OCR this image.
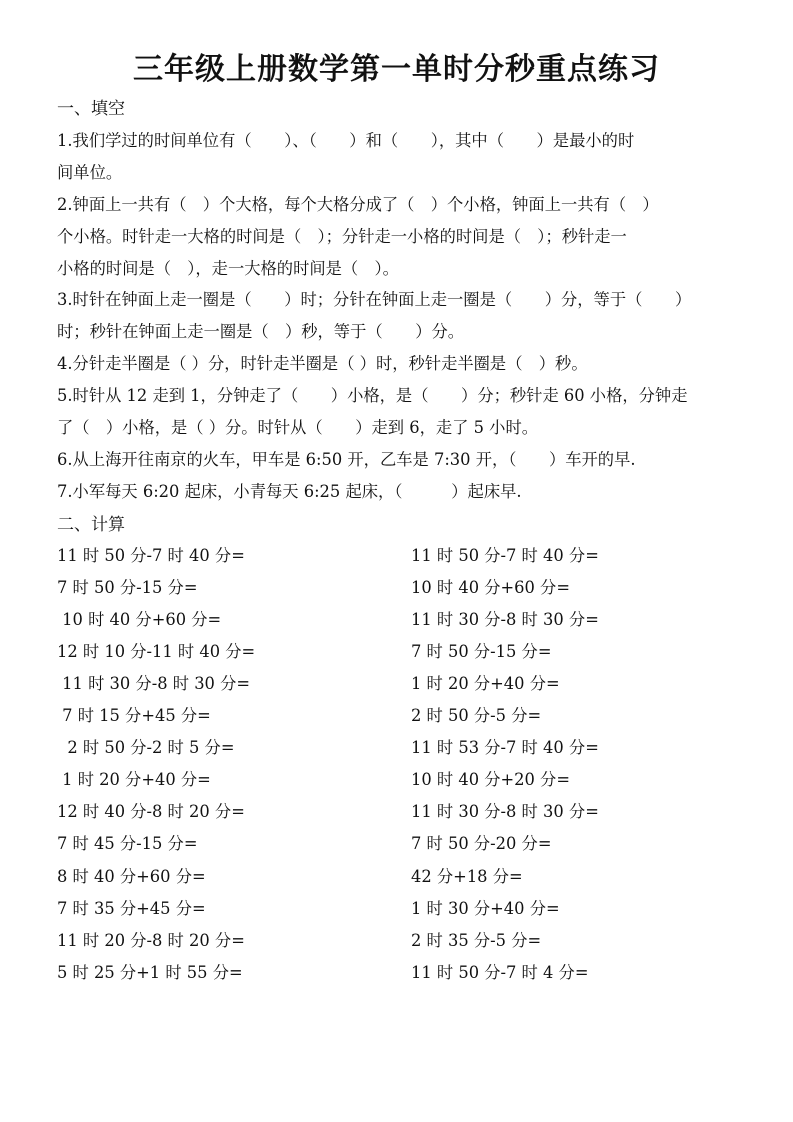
三年级上册数学第一单时分秒重点练习
一、填空
1.我们学过的时间单位有（　　）、（　　）和（　　），其中（　　）是最小的时
间单位。
2.钟面上一共有（　）个大格，每个大格分成了（　）个小格，钟面上一共有（　）
个小格。时针走一大格的时间是（　）；分针走一小格的时间是（　）；秒针走一
小格的时间是（　），走一大格的时间是（　）。
3.时针在钟面上走一圈是（　　）时；分针在钟面上走一圈是（　　）分，等于（　　）
时；秒针在钟面上走一圈是（　）秒，等于（　　）分。
4.分针走半圈是（ ）分，时针走半圈是（ ）时，秒针走半圈是（　）秒。
5.时针从 12 走到 1，分钟走了（　　）小格，是（　　）分；秒针走 60 小格，分钟走
了（　）小格，是（ ）分。时针从（　　）走到 6，走了 5 小时。
6.从上海开往南京的火车，甲车是 6:50 开，乙车是 7:30 开，（　　）车开的早.
7.小军每天 6:20 起床，小青每天 6:25 起床，（　　　）起床早.
二、计算
11 时 50 分-7 时 40 分=
7 时 50 分-15 分=
10 时 40 分+60 分=
12 时 10 分-11 时 40 分=
11 时 30 分-8 时 30 分=
7 时 15 分+45 分=
2 时 50 分-2 时 5 分=
1 时 20 分+40 分=
12 时 40 分-8 时 20 分=
7 时 45 分-15 分=
8 时 40 分+60 分=
7 时 35 分+45 分=
11 时 20 分-8 时 20 分=
5 时 25 分+1 时 55 分=
11 时 50 分-7 时 40 分=
10 时 40 分+60 分=
11 时 30 分-8 时 30 分=
7 时 50 分-15 分=
1 时 20 分+40 分=
2 时 50 分-5 分=
11 时 53 分-7 时 40 分=
10 时 40 分+20 分=
11 时 30 分-8 时 30 分=
7 时 50 分-20 分=
42 分+18 分=
1 时 30 分+40 分=
2 时 35 分-5 分=
11 时 50 分-7 时 4 分=
